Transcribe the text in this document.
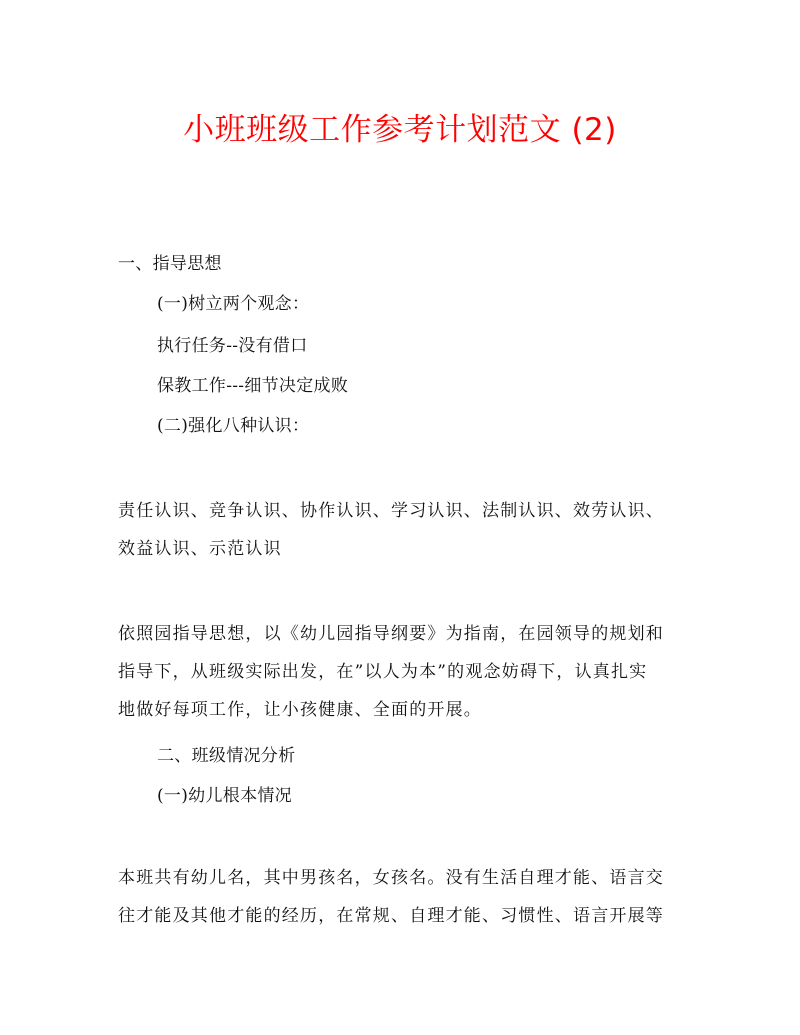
小班班级工作参考计划范文 (2)
一、指导思想
(一)树立两个观念：
执行任务--没有借口
保教工作---细节决定成败
(二)强化八种认识：
责任认识、竞争认识、协作认识、学习认识、法制认识、效劳认识、
效益认识、示范认识
依照园指导思想，以《幼儿园指导纲要》为指南，在园领导的规划和
指导下，从班级实际出发，在”以人为本”的观念妨碍下，认真扎实
地做好每项工作，让小孩健康、全面的开展。
二、班级情况分析
(一)幼儿根本情况
本班共有幼儿名，其中男孩名，女孩名。没有生活自理才能、语言交
往才能及其他才能的经历，在常规、自理才能、习惯性、语言开展等
